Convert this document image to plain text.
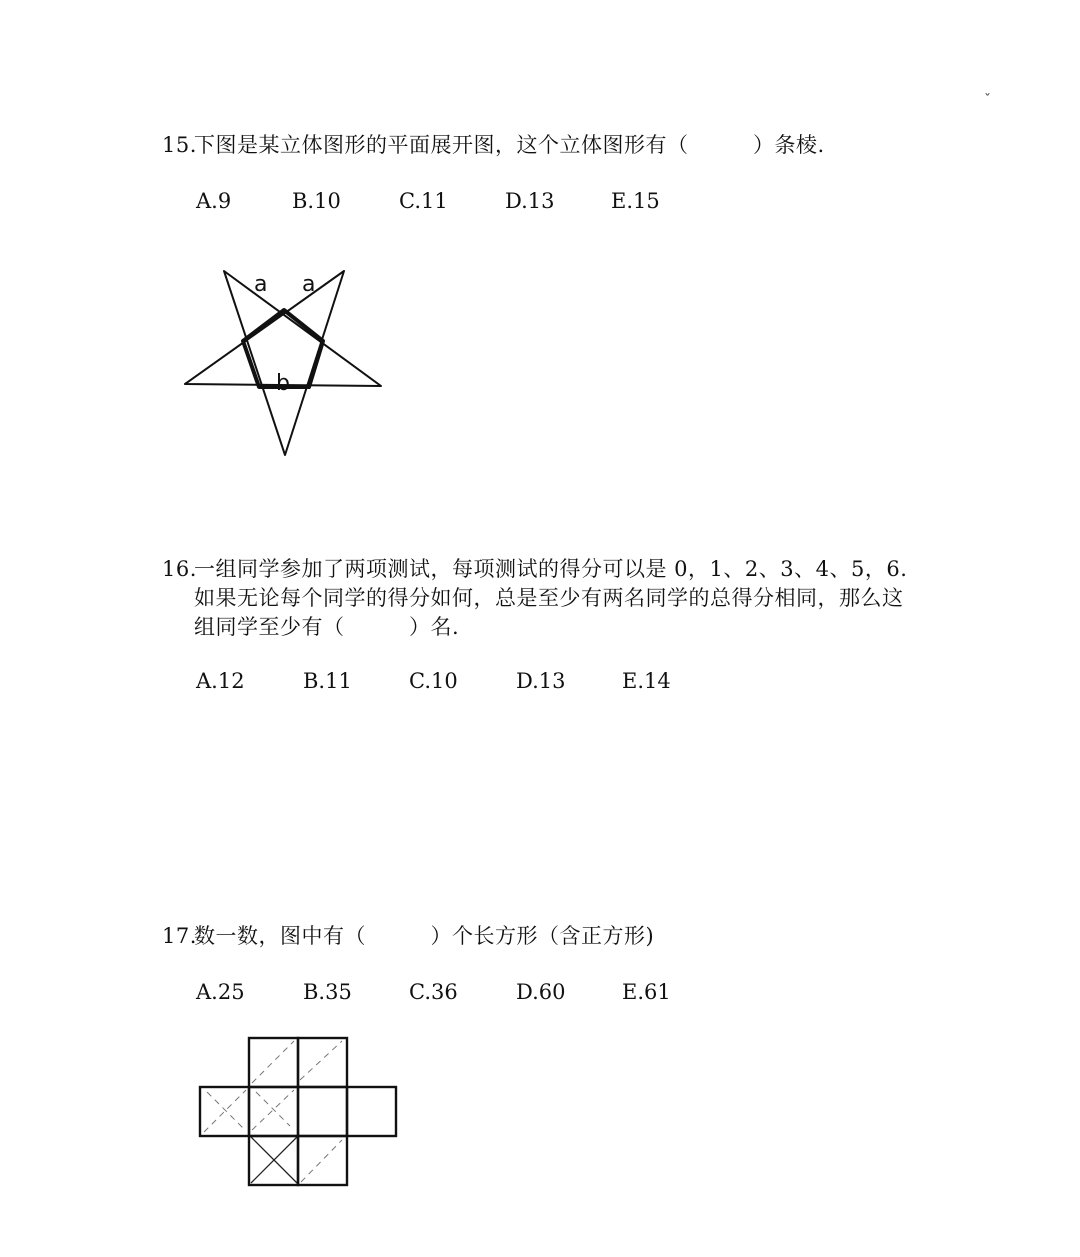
˯
15.
下图是某立体图形的平面展开图，这个立体图形有（　　　）条棱.
A.9	B.10	C.11	D.13	E.15
a a
b
16.
一组同学参加了两项测试，每项测试的得分可以是 0，1、2、3、4、5，6.如果无论每个同学的得分如何，总是至少有两名同学的总得分相同，那么这组同学至少有（　　　）名.
A.12	B.11	C.10	D.13	E.14
17.
数一数，图中有（　　　）个长方形（含正方形)
A.25	B.35	C.36	D.60	E.61
